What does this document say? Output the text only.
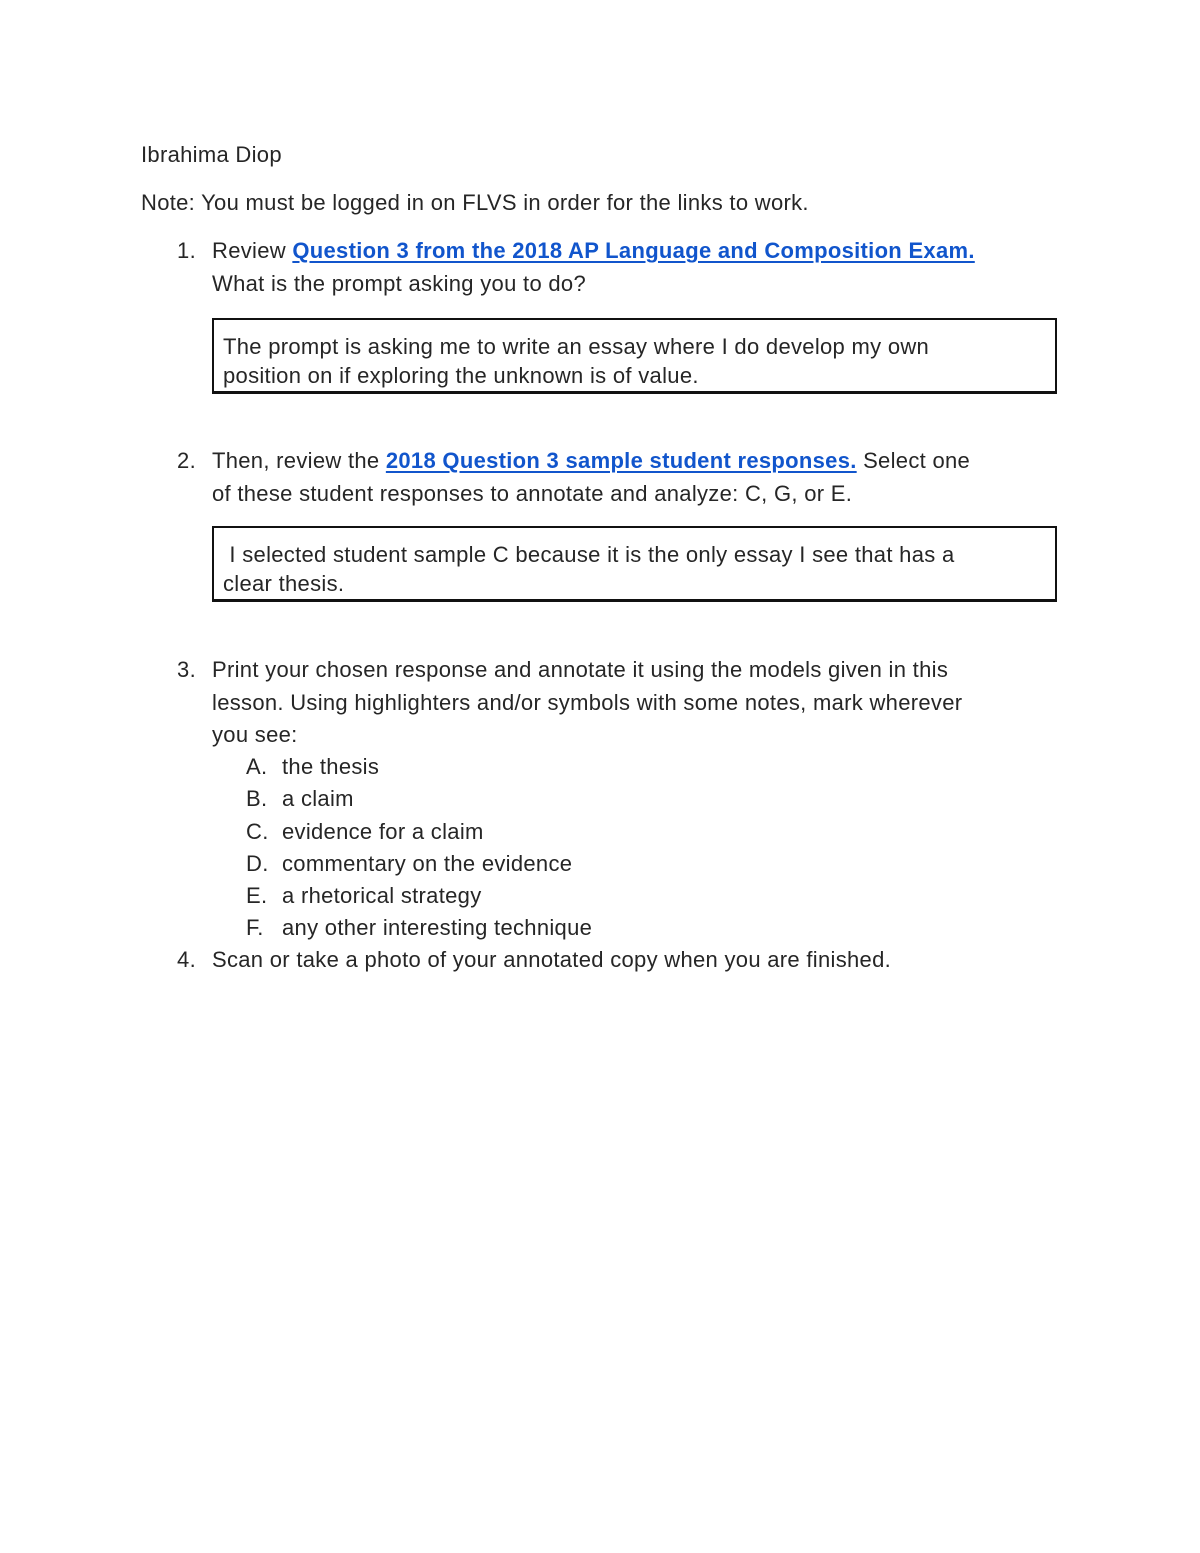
Ibrahima Diop
Note: You must be logged in on FLVS in order for the links to work.
1. Review Question 3 from the 2018 AP Language and Composition Exam.
What is the prompt asking you to do?
The prompt is asking me to write an essay where I do develop my own
position on if exploring the unknown is of value.
2. Then, review the 2018 Question 3 sample student responses. Select one
of these student responses to annotate and analyze: C, G, or E.
I selected student sample C because it is the only essay I see that has a
clear thesis.
3. Print your chosen response and annotate it using the models given in this
lesson. Using highlighters and/or symbols with some notes, mark wherever
you see:
A. the thesis
B. a claim
C. evidence for a claim
D. commentary on the evidence
E. a rhetorical strategy
F. any other interesting technique
4. Scan or take a photo of your annotated copy when you are finished.
